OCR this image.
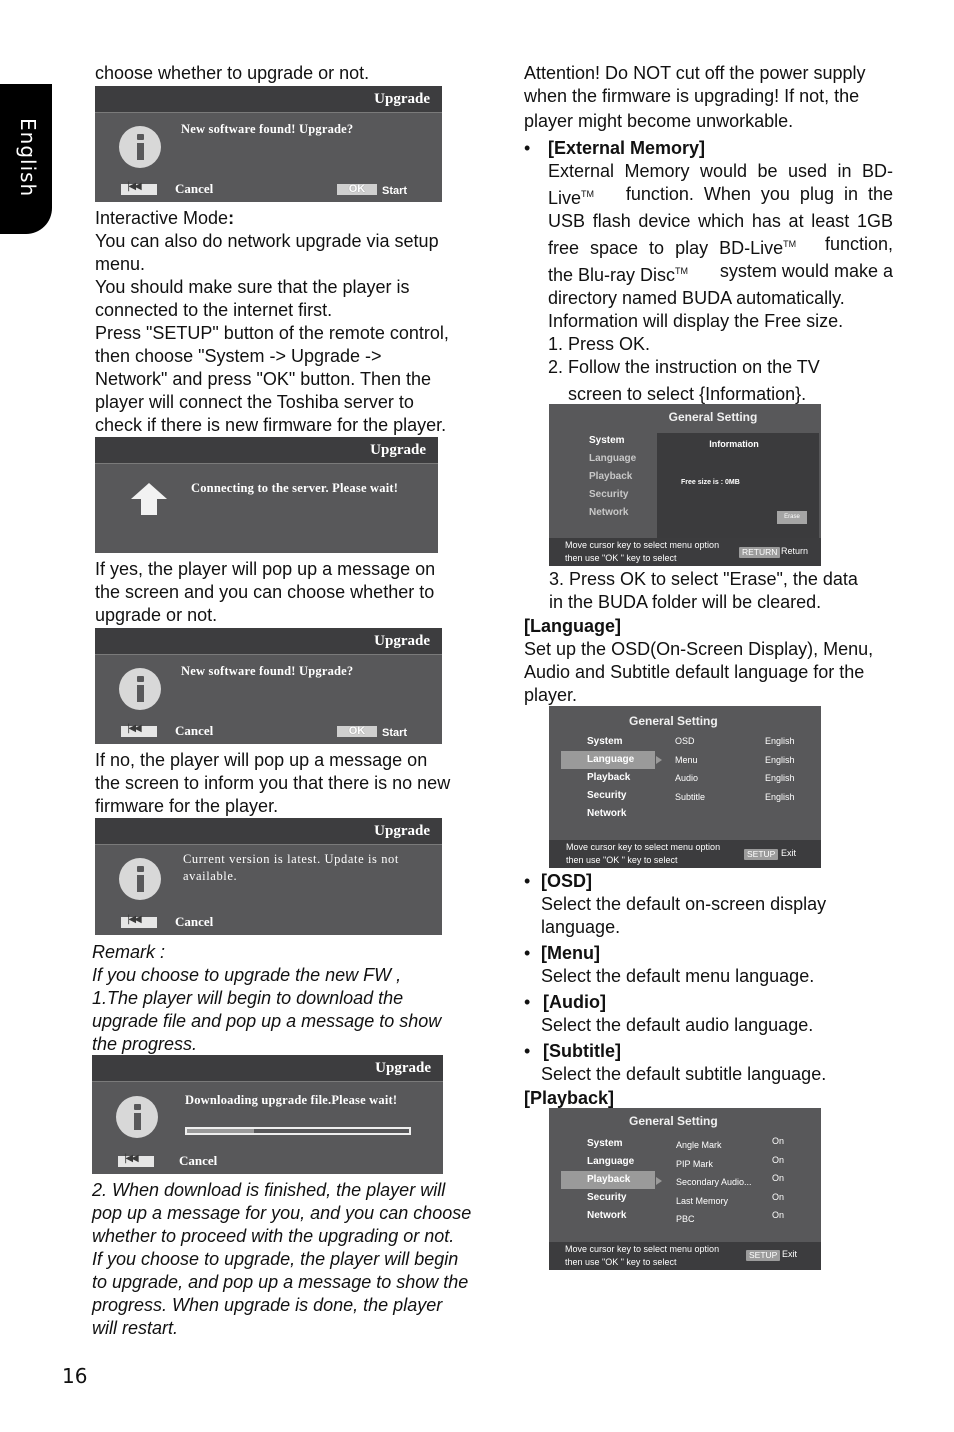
English

choose whether to upgrade or not.

Upgrade
New software found! Upgrade?
|◀◀
Cancel	OK	Start

Interactive Mode:

You can also do network upgrade via setup

menu.

You should make sure that the player is

connected to the internet first.

Press "SETUP" button of the remote control,

then choose "System -> Upgrade ->

Network" and press "OK" button. Then the

player will connect the Toshiba server to

check if there is new firmware for the player.

Upgrade
Connecting to the server. Please wait!

If yes, the player will pop up a message on

the screen and you can choose whether to

upgrade or not.

Upgrade
New software found! Upgrade?
|◀◀
Cancel	OK	Start

If no, the player will pop up a message on

the screen to inform you that there is no new

firmware for the player.

Upgrade
Current version is latest. Update is not
available.
|◀◀
Cancel

Remark :

If you choose to upgrade the new FW ,

1.The player will begin to download the

upgrade file and pop up a message to show

the progress.

Upgrade
Downloading upgrade file.Please wait!
|◀◀
Cancel

2. When download is finished, the player will

pop up a message for you, and you can choose

whether to proceed with the upgrading or not.

If you choose to upgrade, the player will begin

to upgrade, and pop up a message to show the

progress. When upgrade is done, the player

will restart.

16

Attention! Do NOT cut off the power supply

when the firmware is upgrading! If not, the

player might become unworkable.

• [External Memory]

External Memory would be used in BD-

Live™ function. When you plug in the

USB flash device which has at least 1GB

free space to play BD-Live™ function,

the Blu-ray Disc™ system would make a

directory named BUDA automatically.

Information will display the Free size.

1. Press OK.

2. Follow the instruction on the TV

screen to select {Information}.

General Setting
System
Language
Playback
Security
Network
Information
Free size is : 0MB
Erase
Move cursor key to select menu option
then use "OK " key to select
RETURN Return

3. Press OK to select "Erase", the data

in the BUDA folder will be cleared.

[Language]

Set up the OSD(On-Screen Display), Menu,

Audio and Subtitle default language for the

player.

General Setting
System
Language
Playback
Security
Network
OSD	English
Menu	English
Audio	English
Subtitle	English
Move cursor key to select menu option
then use "OK " key to select
SETUP Exit

• [OSD]

Select the default on-screen display

language.

• [Menu]

Select the default menu language.

• [Audio]

Select the default audio language.

• [Subtitle]

Select the default subtitle language.

[Playback]

General Setting
System
Language
Playback
Security
Network
Angle Mark	On
PIP Mark	On
Secondary Audio... On
Last Memory	On
PBC	On
Move cursor key to select menu option
then use "OK " key to select
SETUP Exit
